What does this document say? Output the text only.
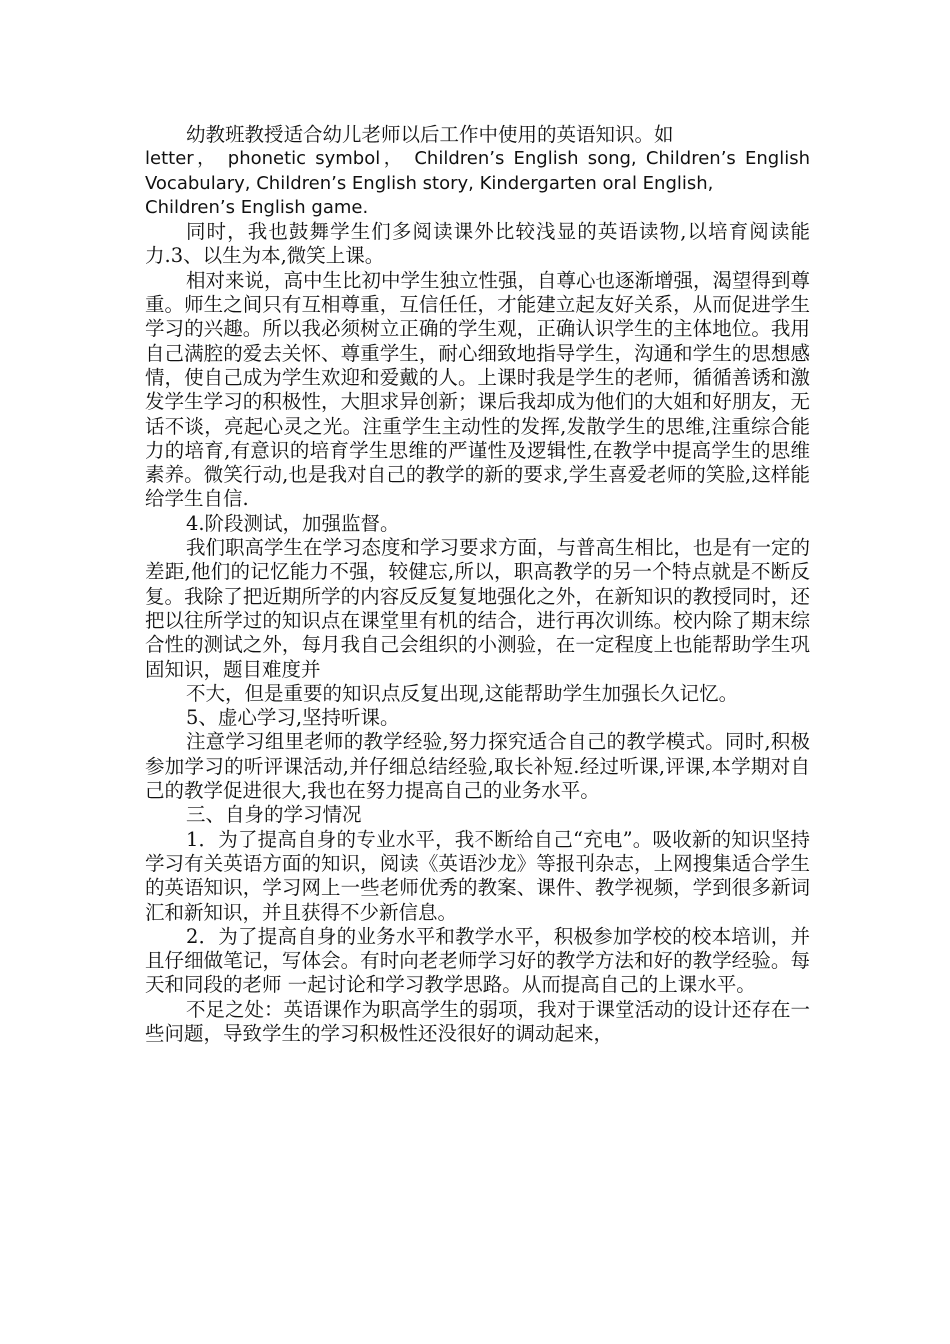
幼教班教授适合幼儿老师以后工作中使用的英语知识。如

letter， phonetic symbol， Children’s English song, Children’s English Vocabulary, Children’s English story, Kindergarten oral English,

Children’s English game.

同时，我也鼓舞学生们多阅读课外比较浅显的英语读物,以培育阅读能力.3、以生为本,微笑上课。

相对来说，高中生比初中学生独立性强，自尊心也逐渐增强，渴望得到尊重。师生之间只有互相尊重，互信任任，才能建立起友好关系，从而促进学生学习的兴趣。所以我必须树立正确的学生观，正确认识学生的主体地位。我用自己满腔的爱去关怀、尊重学生，耐心细致地指导学生，沟通和学生的思想感情，使自己成为学生欢迎和爱戴的人。上课时我是学生的老师，循循善诱和激发学生学习的积极性，大胆求异创新；课后我却成为他们的大姐和好朋友，无话不谈，亮起心灵之光。注重学生主动性的发挥,发散学生的思维,注重综合能力的培育,有意识的培育学生思维的严谨性及逻辑性,在教学中提高学生的思维素养。微笑行动,也是我对自己的教学的新的要求,学生喜爱老师的笑脸,这样能给学生自信.

4.阶段测试，加强监督。

我们职高学生在学习态度和学习要求方面，与普高生相比，也是有一定的差距,他们的记忆能力不强，较健忘,所以，职高教学的另一个特点就是不断反复。我除了把近期所学的内容反反复复地强化之外，在新知识的教授同时，还把以往所学过的知识点在课堂里有机的结合，进行再次训练。校内除了期末综合性的测试之外，每月我自己会组织的小测验，在一定程度上也能帮助学生巩固知识，题目难度并

不大，但是重要的知识点反复出现,这能帮助学生加强长久记忆。

5、虚心学习,坚持听课。

注意学习组里老师的教学经验,努力探究适合自己的教学模式。同时,积极参加学习的听评课活动,并仔细总结经验,取长补短.经过听课,评课,本学期对自己的教学促进很大,我也在努力提高自己的业务水平。

三、自身的学习情况

1．为了提高自身的专业水平，我不断给自己“充电”。吸收新的知识坚持学习有关英语方面的知识，阅读《英语沙龙》等报刊杂志，上网搜集适合学生的英语知识，学习网上一些老师优秀的教案、课件、教学视频，学到很多新词汇和新知识，并且获得不少新信息。

2．为了提高自身的业务水平和教学水平，积极参加学校的校本培训，并且仔细做笔记，写体会。有时向老老师学习好的教学方法和好的教学经验。每天和同段的老师 一起讨论和学习教学思路。从而提高自己的上课水平。

不足之处：英语课作为职高学生的弱项，我对于课堂活动的设计还存在一些问题，导致学生的学习积极性还没很好的调动起来，
